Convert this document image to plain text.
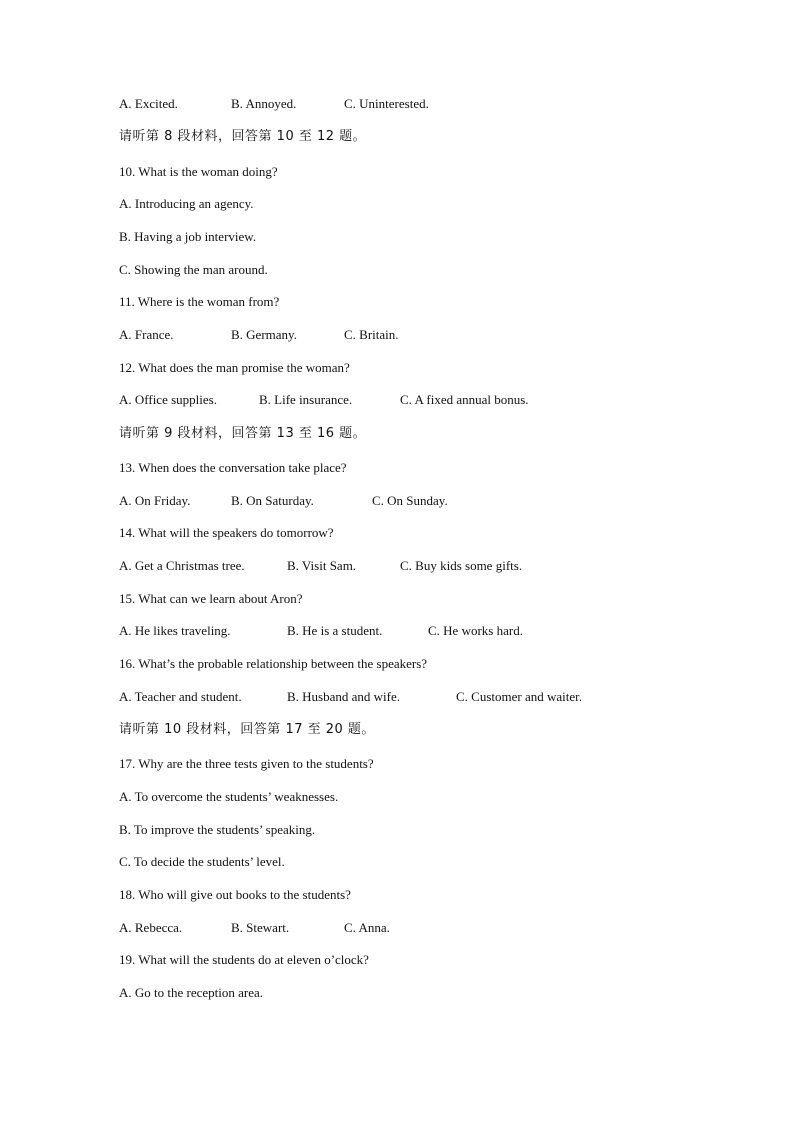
A. Excited.	B. Annoyed.	C. Uninterested.
请听第 8 段材料，回答第 10 至 12 题。
10. What is the woman doing?
A. Introducing an agency.
B. Having a job interview.
C. Showing the man around.
11. Where is the woman from?
A. France.	B. Germany.	C. Britain.
12. What does the man promise the woman?
A. Office supplies.	B. Life insurance.	C. A fixed annual bonus.
请听第 9 段材料，回答第 13 至 16 题。
13. When does the conversation take place?
A. On Friday.	B. On Saturday.	C. On Sunday.
14. What will the speakers do tomorrow?
A. Get a Christmas tree.	B. Visit Sam.	C. Buy kids some gifts.
15. What can we learn about Aron?
A. He likes traveling.	B. He is a student.	C. He works hard.
16. What’s the probable relationship between the speakers?
A. Teacher and student.	B. Husband and wife.	C. Customer and waiter.
请听第 10 段材料，回答第 17 至 20 题。
17. Why are the three tests given to the students?
A. To overcome the students’ weaknesses.
B. To improve the students’ speaking.
C. To decide the students’ level.
18. Who will give out books to the students?
A. Rebecca.	B. Stewart.	C. Anna.
19. What will the students do at eleven o’clock?
A. Go to the reception area.
